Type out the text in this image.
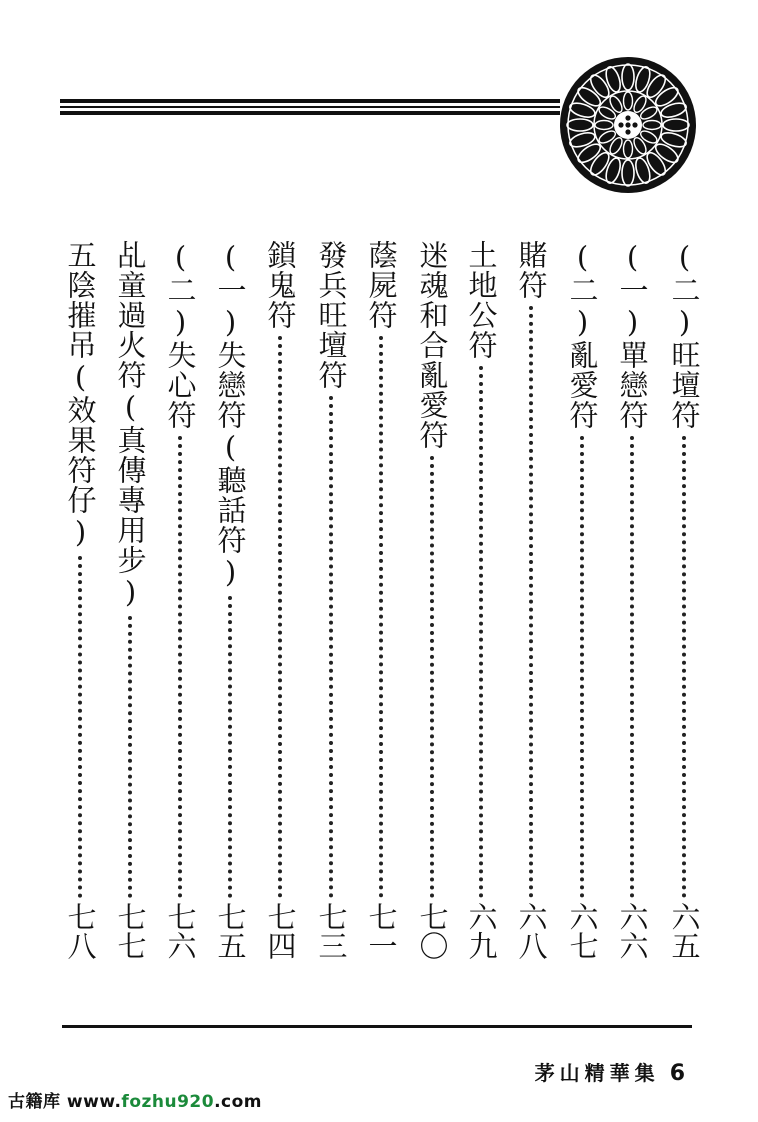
(二)旺壇符
六五
(一)單戀符
六六
(二)亂愛符
六七
賭符
六八
土地公符
六九
迷魂和合亂愛符
七〇
蔭屍符
七一
發兵旺壇符
七三
鎖鬼符
七四
(一)失戀符(聽話符)
七五
(二)失心符
七六
乩童過火符(真傳專用步)
七七
五陰摧吊(效果符仔)
七八
茅山精華集 6
古籍库 www.fozhu920.com
